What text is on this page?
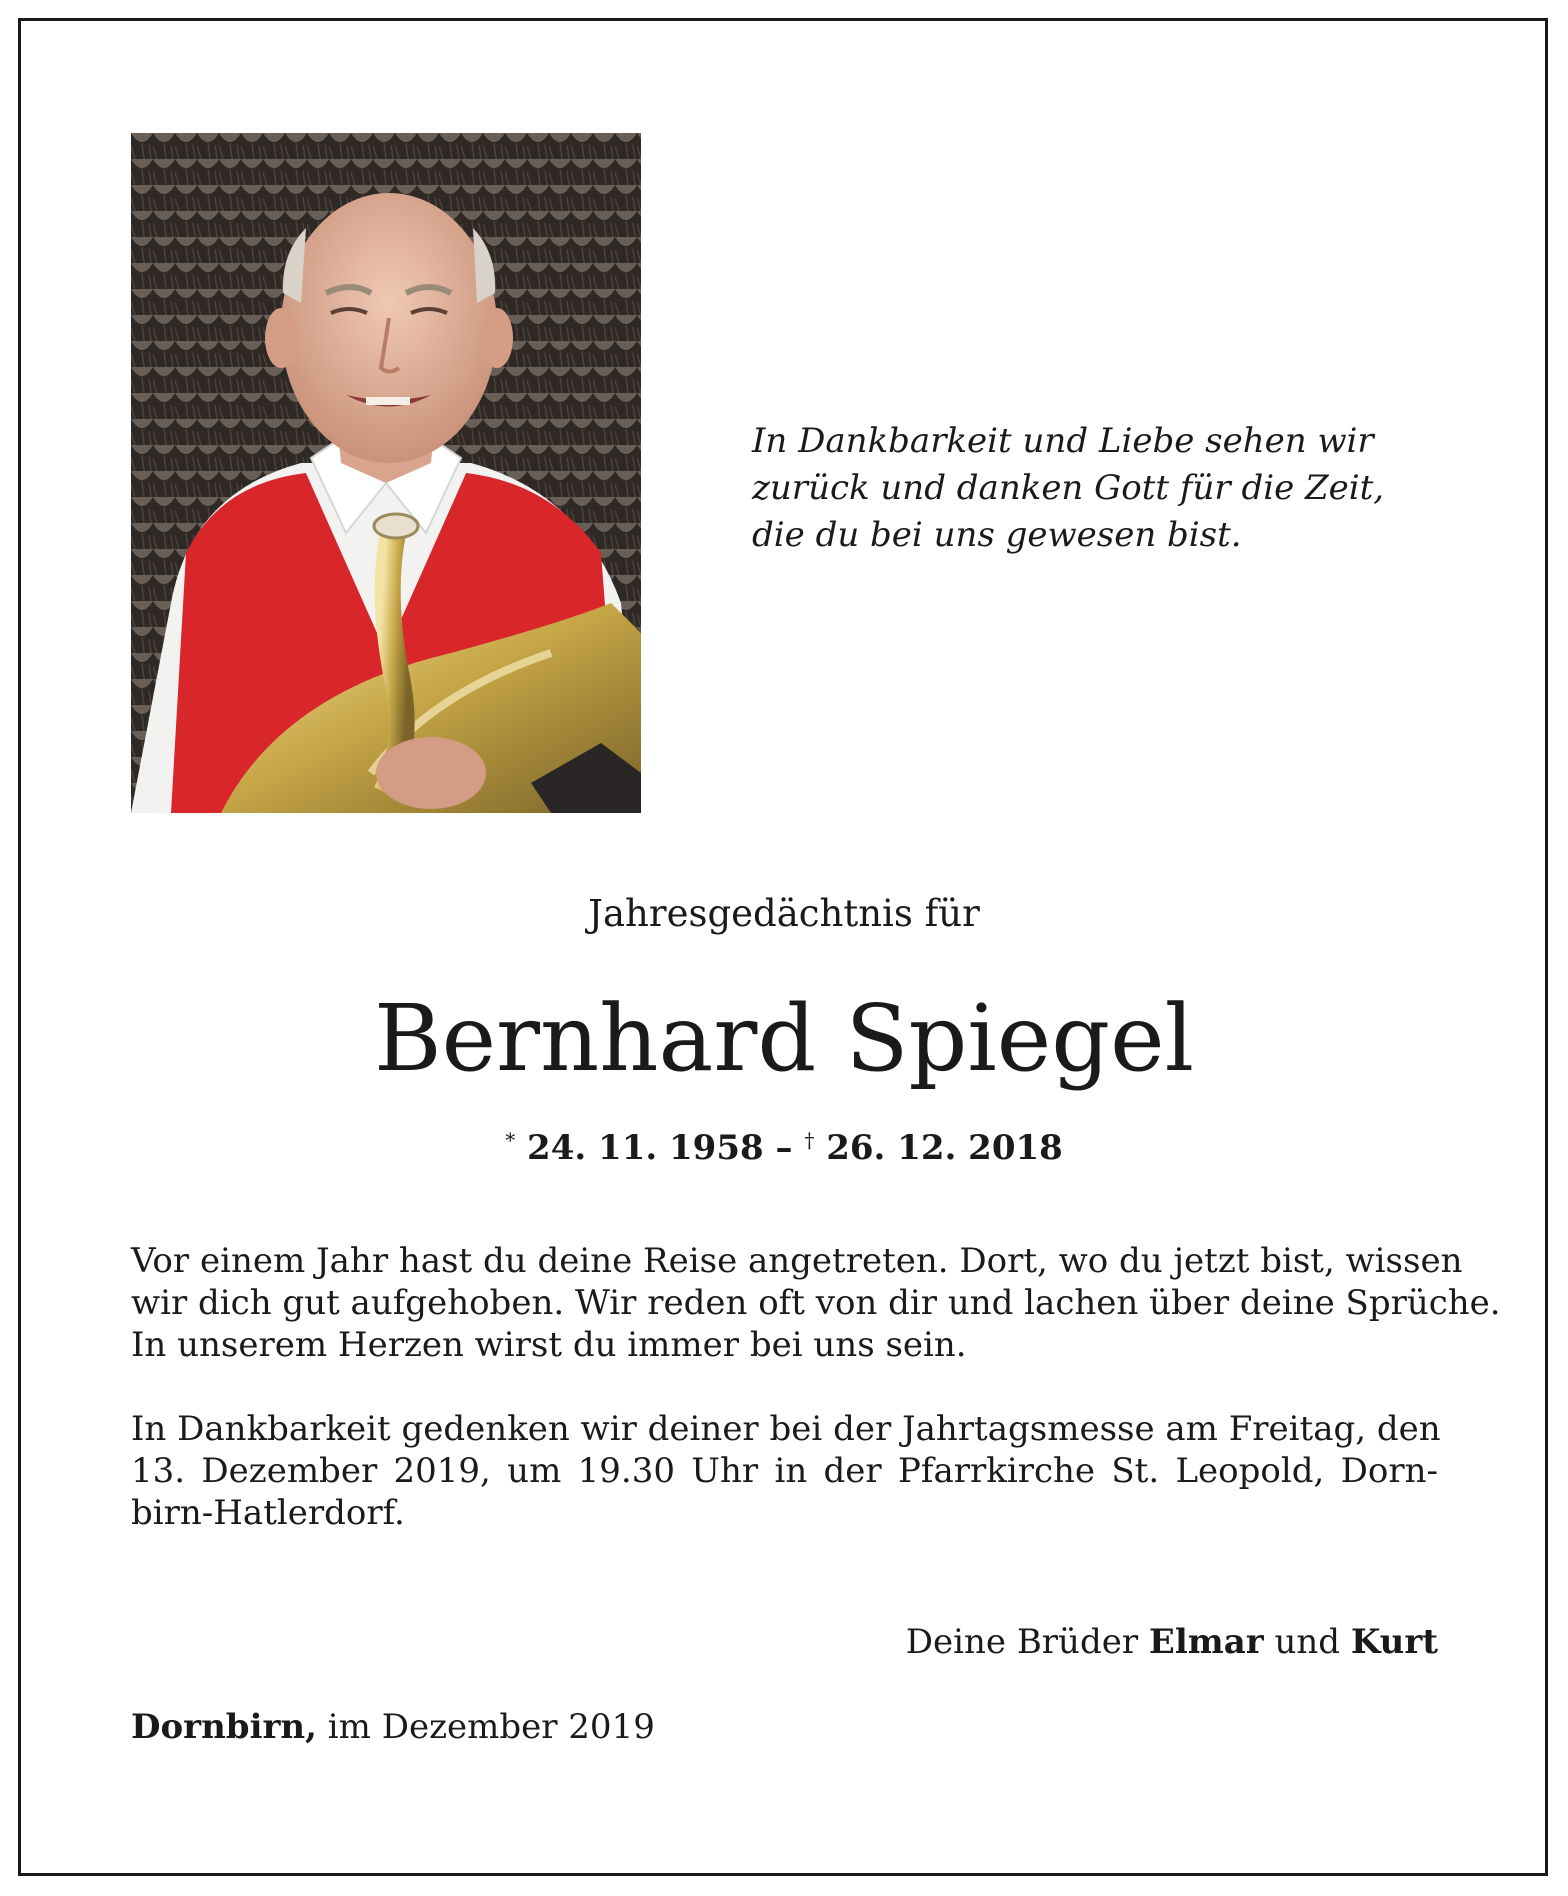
In Dankbarkeit und Liebe sehen wir
zurück und danken Gott für die Zeit,
die du bei uns gewesen bist.
Jahresgedächtnis für
Bernhard Spiegel
* 24. 11. 1958 – † 26. 12. 2018
Vor einem Jahr hast du deine Reise angetreten. Dort, wo du jetzt bist, wissen
wir dich gut aufgehoben. Wir reden oft von dir und lachen über deine Sprüche.
In unserem Herzen wirst du immer bei uns sein.
In Dankbarkeit gedenken wir deiner bei der Jahrtagsmesse am Freitag, den
13. Dezember 2019, um 19.30 Uhr in der Pfarrkirche St. Leopold, Dorn-
birn-Hatlerdorf.
Deine Brüder Elmar und Kurt
Dornbirn, im Dezember 2019
